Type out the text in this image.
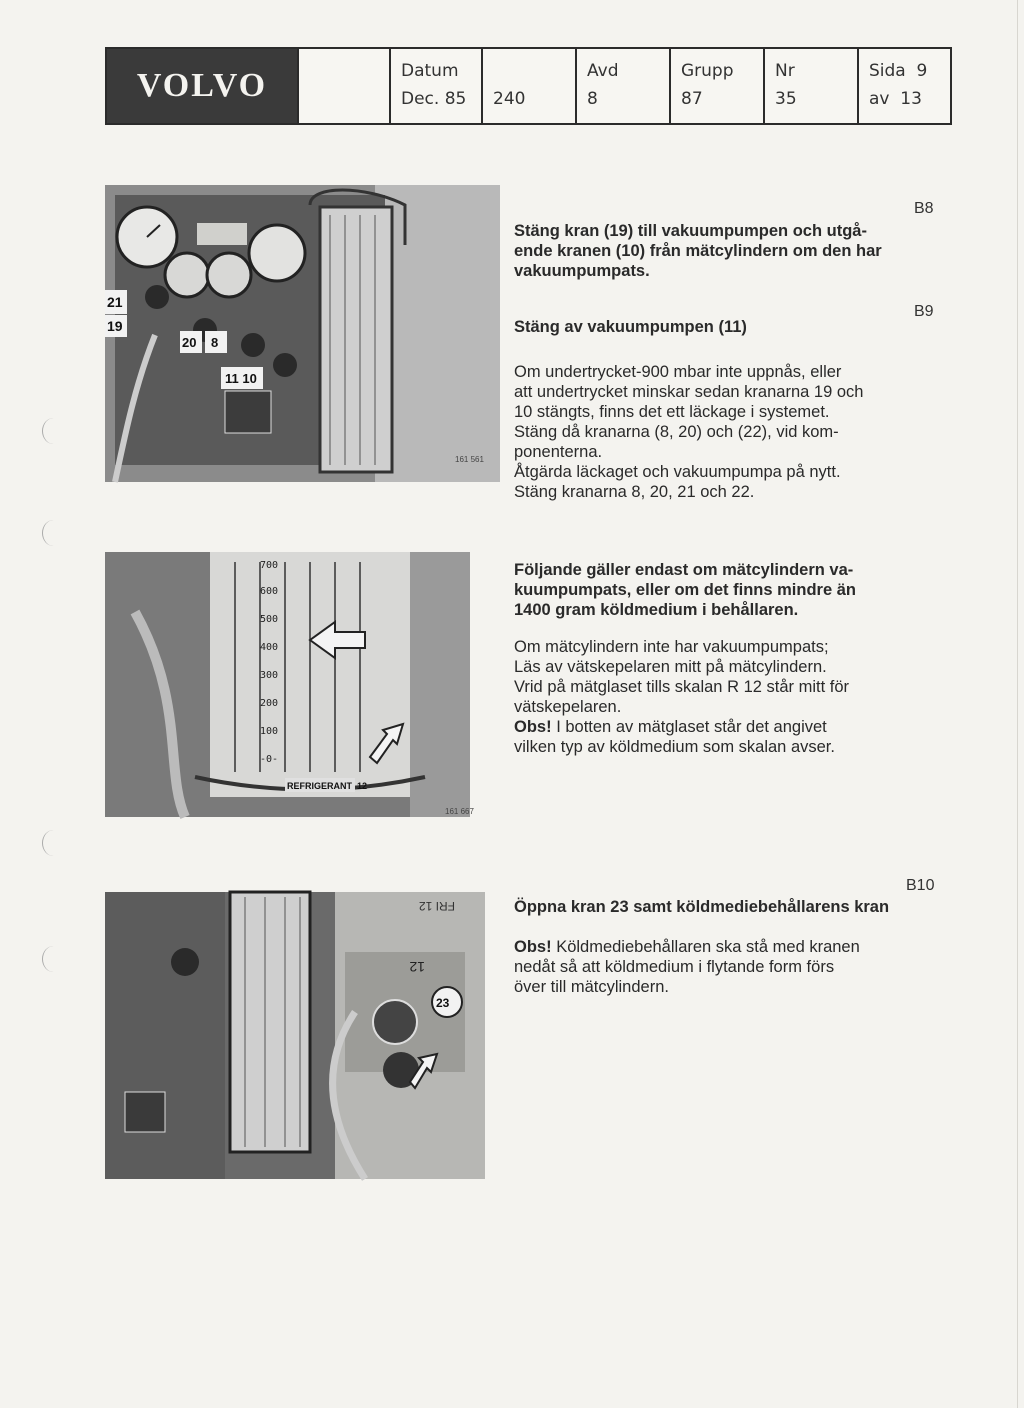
VOLVO	Datum
Dec. 85 240
Avd
8
Grupp
87
Nr
35
Sida 9
av 13
21
19
20 8
11 10
161 561
700
600
500
400
300
200
100
-0-
REFRIGERANT 12
161 667
FRI 12
12
23
B8
Stäng kran (19) till vakuumpumpen och utgå-
ende kranen (10) från mätcylindern om den har
vakuumpumpats.
B9
Stäng av vakuumpumpen (11)
Om undertrycket-900 mbar inte uppnås, eller
att undertrycket minskar sedan kranarna 19 och
10 stängts, finns det ett läckage i systemet.
Stäng då kranarna (8, 20) och (22), vid kom-
ponenterna.
Åtgärda läckaget och vakuumpumpa på nytt.
Stäng kranarna 8, 20, 21 och 22.
Följande gäller endast om mätcylindern va-
kuumpumpats, eller om det finns mindre än
1400 gram köldmedium i behållaren.
Om mätcylindern inte har vakuumpumpats;
Läs av vätskepelaren mitt på mätcylindern.
Vrid på mätglaset tills skalan R 12 står mitt för
vätskepelaren.
Obs! I botten av mätglaset står det angivet
vilken typ av köldmedium som skalan avser.
B10
Öppna kran 23 samt köldmediebehållarens kran
Obs! Köldmediebehållaren ska stå med kranen
nedåt så att köldmedium i flytande form förs
över till mätcylindern.
